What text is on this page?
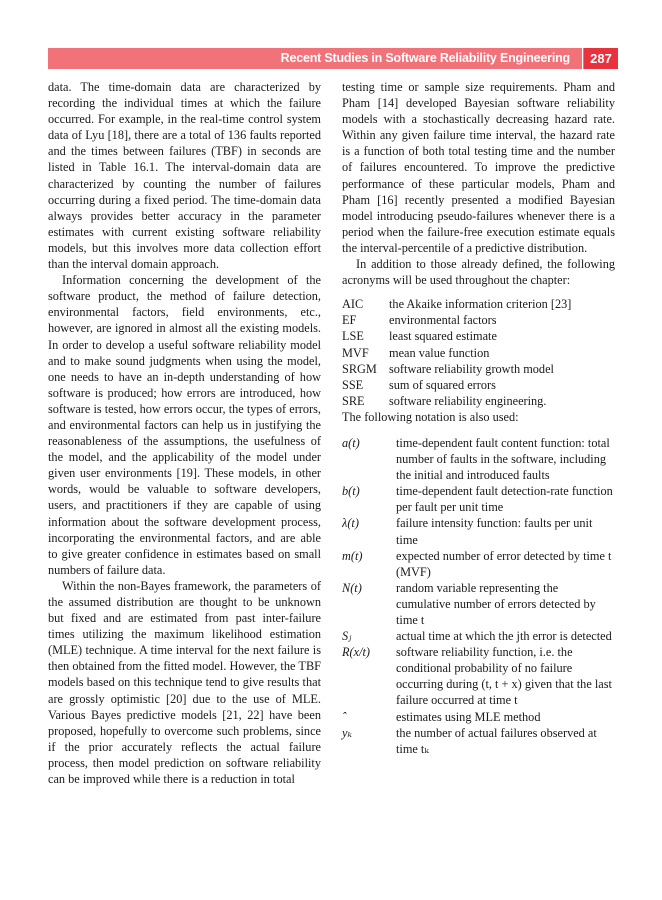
Recent Studies in Software Reliability Engineering	287

data. The time-domain data are characterized by recording the individual times at which the failure occurred. For example, in the real-time control system data of Lyu [18], there are a total of 136 faults reported and the times between failures (TBF) in seconds are listed in Table 16.1. The interval-domain data are characterized by counting the number of failures occurring during a fixed period. The time-domain data always provides better accuracy in the parameter estimates with current existing software reliability models, but this involves more data collection effort than the interval domain approach.

Information concerning the development of the software product, the method of failure detection, environmental factors, field environments, etc., however, are ignored in almost all the existing models. In order to develop a useful software reliability model and to make sound judgments when using the model, one needs to have an in-depth understanding of how software is produced; how errors are introduced, how software is tested, how errors occur, the types of errors, and environmental factors can help us in justifying the reasonableness of the assumptions, the usefulness of the model, and the applicability of the model under given user environments [19]. These models, in other words, would be valuable to software developers, users, and practitioners if they are capable of using information about the software development process, incorporating the environmental factors, and are able to give greater confidence in estimates based on small numbers of failure data.

Within the non-Bayes framework, the parameters of the assumed distribution are thought to be unknown but fixed and are estimated from past inter-failure times utilizing the maximum likelihood estimation (MLE) technique. A time interval for the next failure is then obtained from the fitted model. However, the TBF models based on this technique tend to give results that are grossly optimistic [20] due to the use of MLE. Various Bayes predictive models [21, 22] have been proposed, hopefully to overcome such problems, since if the prior accurately reflects the actual failure process, then model prediction on software reliability can be improved while there is a reduction in total

testing time or sample size requirements. Pham and Pham [14] developed Bayesian software reliability models with a stochastically decreasing hazard rate. Within any given failure time interval, the hazard rate is a function of both total testing time and the number of failures encountered. To improve the predictive performance of these particular models, Pham and Pham [16] recently presented a modified Bayesian model introducing pseudo-failures whenever there is a period when the failure-free execution estimate equals the interval-percentile of a predictive distribution.

In addition to those already defined, the following acronyms will be used throughout the chapter:

AIC	the Akaike information criterion [23]
EF	environmental factors
LSE	least squared estimate
MVF	mean value function
SRGM software reliability growth model
SSE	sum of squared errors
SRE	software reliability engineering.

The following notation is also used:

a(t)	time-dependent fault content function: total number of faults in the software, including the initial and introduced faults
b(t)	time-dependent fault detection-rate function per fault per unit time
λ(t)	failure intensity function: faults per unit time
m(t)	expected number of error detected by time t (MVF)
N(t)	random variable representing the cumulative number of errors detected by time t
Sⱼ	actual time at which the jth error is detected
R(x/t)	software reliability function, i.e. the conditional probability of no failure occurring during (t, t + x) given that the last failure occurred at time t
ˆ	estimates using MLE method
yₖ	the number of actual failures observed at time tₖ
